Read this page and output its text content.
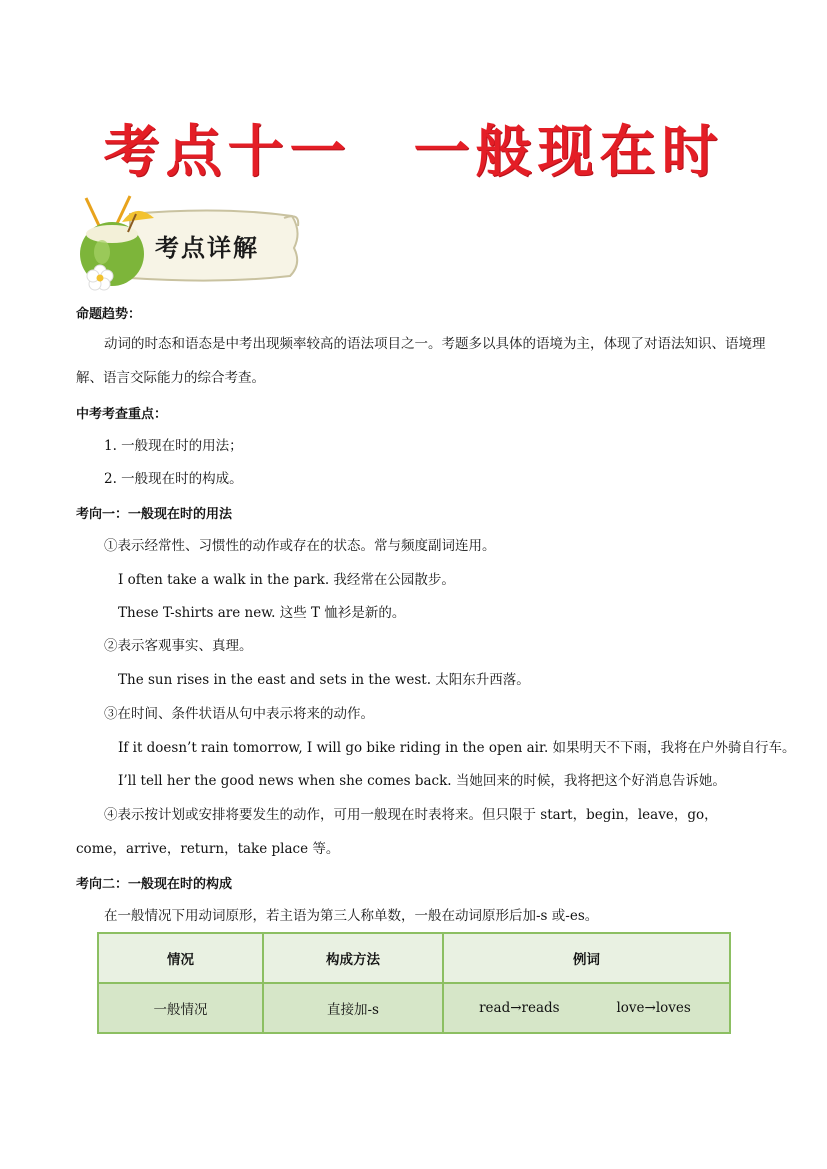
考点十一　一般现在时
考点详解
命题趋势：
动词的时态和语态是中考出现频率较高的语法项目之一。考题多以具体的语境为主，体现了对语法知识、语境理解、语言交际能力的综合考查。
中考考查重点：
1. 一般现在时的用法；
2. 一般现在时的构成。
考向一：一般现在时的用法
①表示经常性、习惯性的动作或存在的状态。常与频度副词连用。
I often take a walk in the park. 我经常在公园散步。
These T-shirts are new. 这些 T 恤衫是新的。
②表示客观事实、真理。
The sun rises in the east and sets in the west. 太阳东升西落。
③在时间、条件状语从句中表示将来的动作。
If it doesn’t rain tomorrow, I will go bike riding in the open air. 如果明天不下雨，我将在户外骑自行车。
I’ll tell her the good news when she comes back. 当她回来的时候，我将把这个好消息告诉她。
④表示按计划或安排将要发生的动作，可用一般现在时表将来。但只限于 start，begin，leave，go，come，arrive，return，take place 等。
考向二：一般现在时的构成
在一般情况下用动词原形，若主语为第三人称单数，一般在动词原形后加-s 或-es。
情况	构成方法	例词
一般情况	直接加-s	read→reads love→loves
